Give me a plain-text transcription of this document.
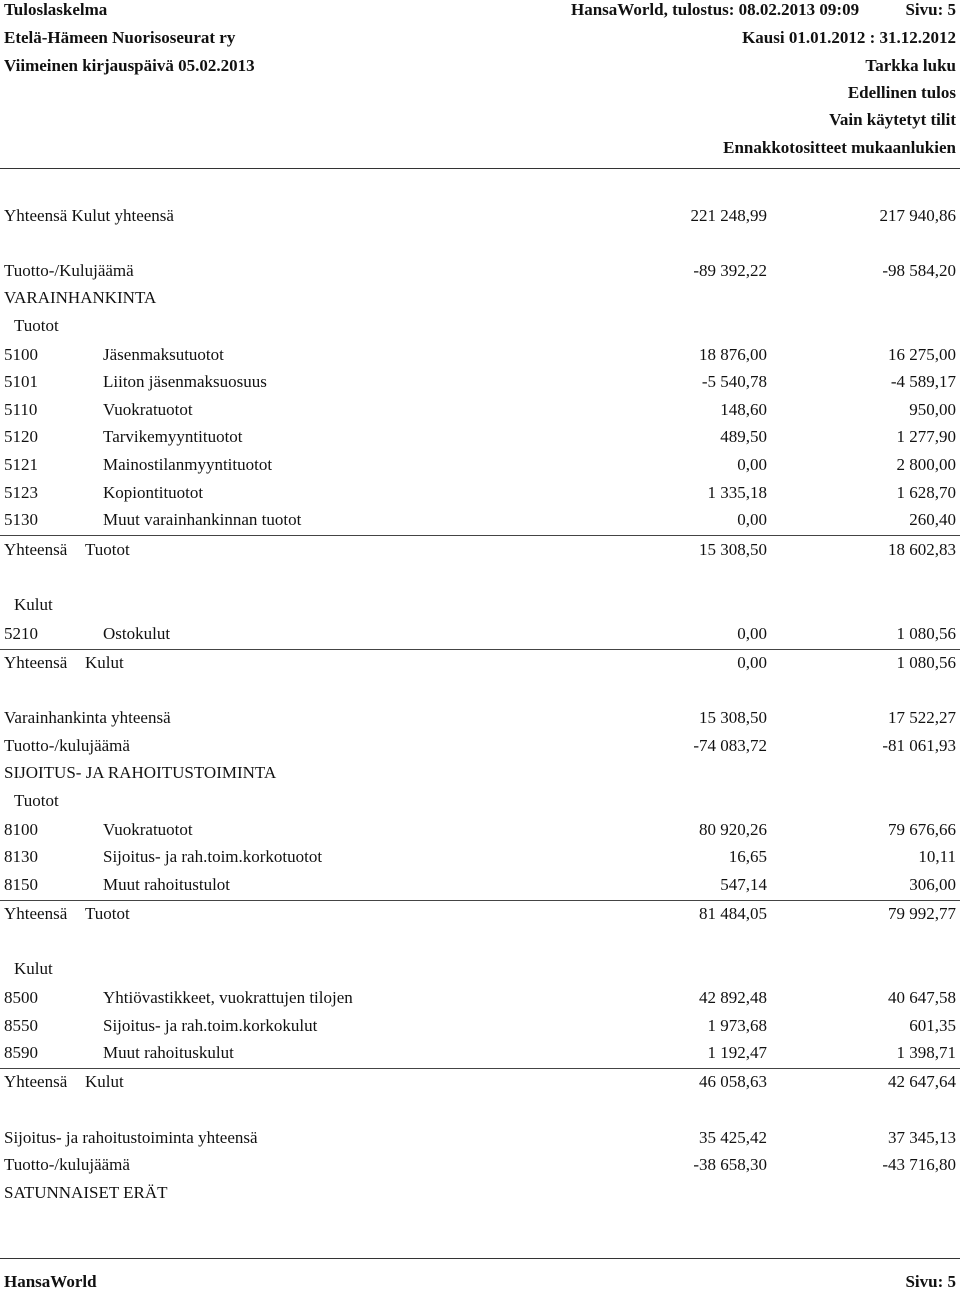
Tuloslaskelma
Etelä-Hämeen Nuorisoseurat ry
Viimeinen kirjauspäivä 05.02.2013
HansaWorld, tulostus: 08.02.2013 09:09	Sivu: 5
Kausi 01.01.2012 : 31.12.2012
Tarkka luku
Edellinen tulos
Vain käytetyt tilit
Ennakkotositteet mukaanlukien
Yhteensä Kulut yhteensä	221 248,99	217 940,86
Tuotto-/Kulujäämä	-89 392,22	-98 584,20
VARAINHANKINTA
Tuotot
5100	Jäsenmaksutuotot	18 876,00	16 275,00
5101	Liiton jäsenmaksuosuus	-5 540,78	-4 589,17
5110	Vuokratuotot	148,60	950,00
5120	Tarvikemyyntituotot	489,50	1 277,90
5121	Mainostilanmyyntituotot	0,00	2 800,00
5123	Kopiontituotot	1 335,18	1 628,70
5130	Muut varainhankinnan tuotot	0,00	260,40
Yhteensä Tuotot	15 308,50	18 602,83
Kulut
5210	Ostokulut	0,00	1 080,56
Yhteensä Kulut	0,00	1 080,56
Varainhankinta yhteensä	15 308,50	17 522,27
Tuotto-/kulujäämä	-74 083,72	-81 061,93
SIJOITUS- JA RAHOITUSTOIMINTA
Tuotot
8100	Vuokratuotot	80 920,26	79 676,66
8130	Sijoitus- ja rah.toim.korkotuotot	16,65	10,11
8150	Muut rahoitustulot	547,14	306,00
Yhteensä Tuotot	81 484,05	79 992,77
Kulut
8500	Yhtiövastikkeet, vuokrattujen tilojen	42 892,48	40 647,58
8550	Sijoitus- ja rah.toim.korkokulut	1 973,68	601,35
8590	Muut rahoituskulut	1 192,47	1 398,71
Yhteensä Kulut	46 058,63	42 647,64
Sijoitus- ja rahoitustoiminta yhteensä	35 425,42	37 345,13
Tuotto-/kulujäämä	-38 658,30	-43 716,80
SATUNNAISET ERÄT
HansaWorld	Sivu: 5
